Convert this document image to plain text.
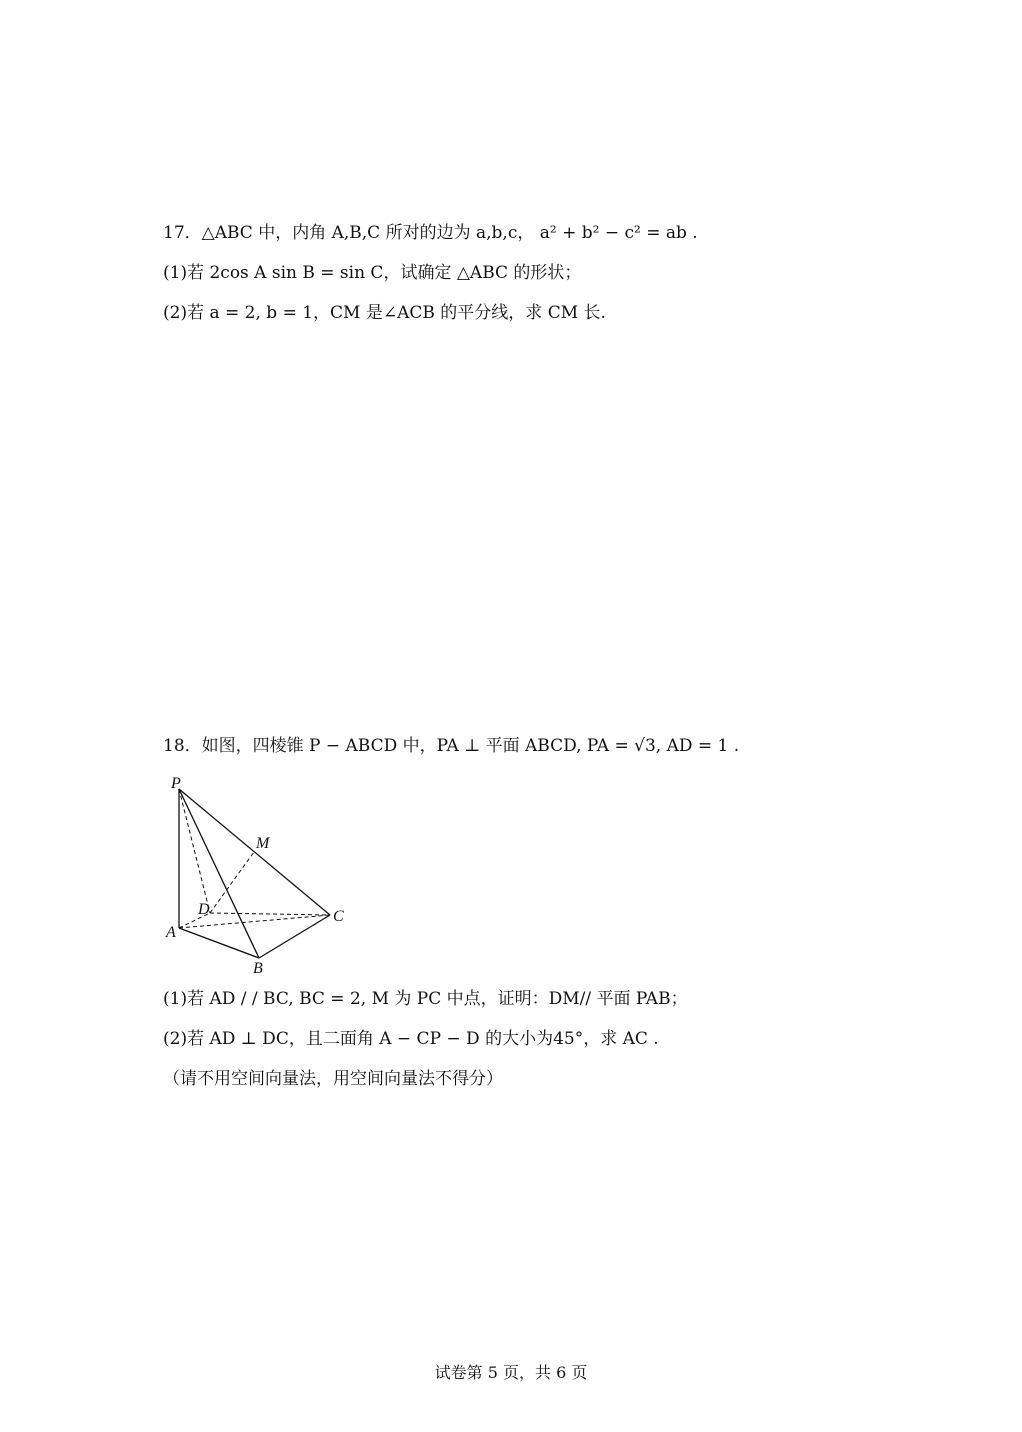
17．△ABC 中，内角 A,B,C 所对的边为 a,b,c， a² + b² − c² = ab .
(1)若 2cos A sin B = sin C，试确定 △ABC 的形状；
(2)若 a = 2, b = 1，CM 是∠ACB 的平分线，求 CM 长.
18．如图，四棱锥 P − ABCD 中，PA ⊥ 平面 ABCD, PA = √3, AD = 1 .
P
M
D	C
A
B
(1)若 AD / / BC, BC = 2, M 为 PC 中点，证明：DM// 平面 PAB；
(2)若 AD ⊥ DC，且二面角 A − CP − D 的大小为45°，求 AC .
（请不用空间向量法，用空间向量法不得分）
试卷第 5 页，共 6 页
